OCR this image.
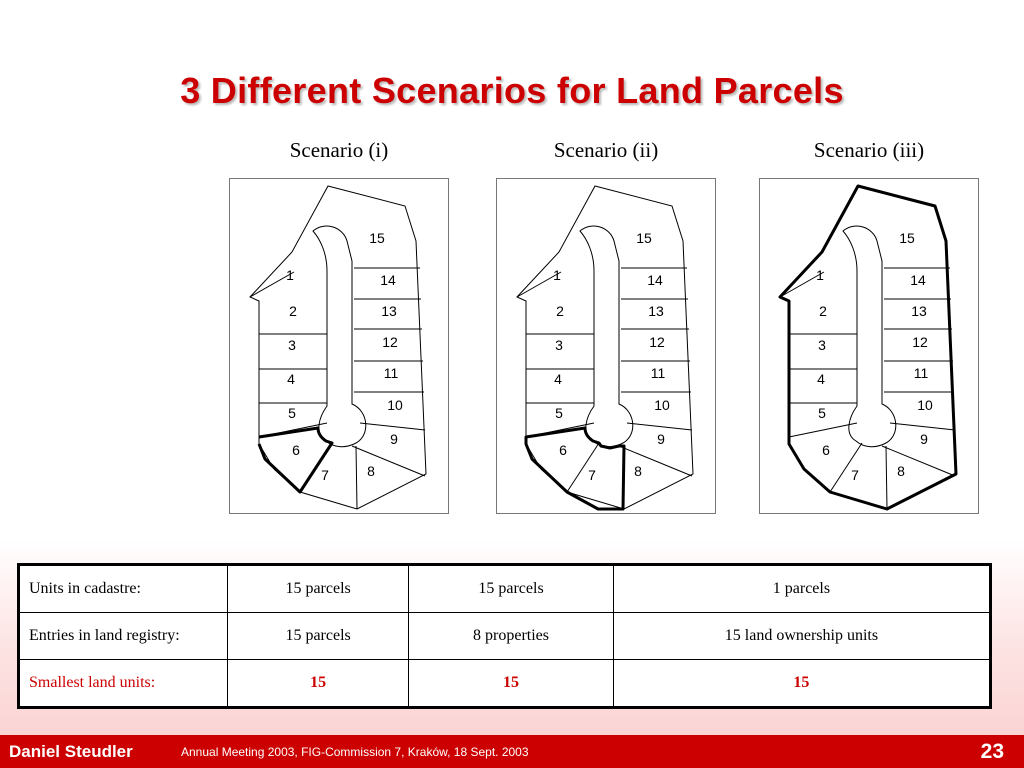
3 Different Scenarios for Land Parcels
Scenario (i)	Scenario (ii)	Scenario (iii)
1
2
3
4
5
6
7	8
9
10
11
12
13
14
15
1
2
3
4
5
6
7	8
9
10
11
12
13
14
15
1
2
3
4
5
6
7	8
9
10
11
12
13
14
15
Units in cadastre:	15 parcels	15 parcels	1 parcels
Entries in land registry:	15 parcels	8 properties	15 land ownership units
Smallest land units:	15	15	15
Daniel Steudler	Annual Meeting 2003, FIG-Commission 7, Kraków, 18 Sept. 2003	23
